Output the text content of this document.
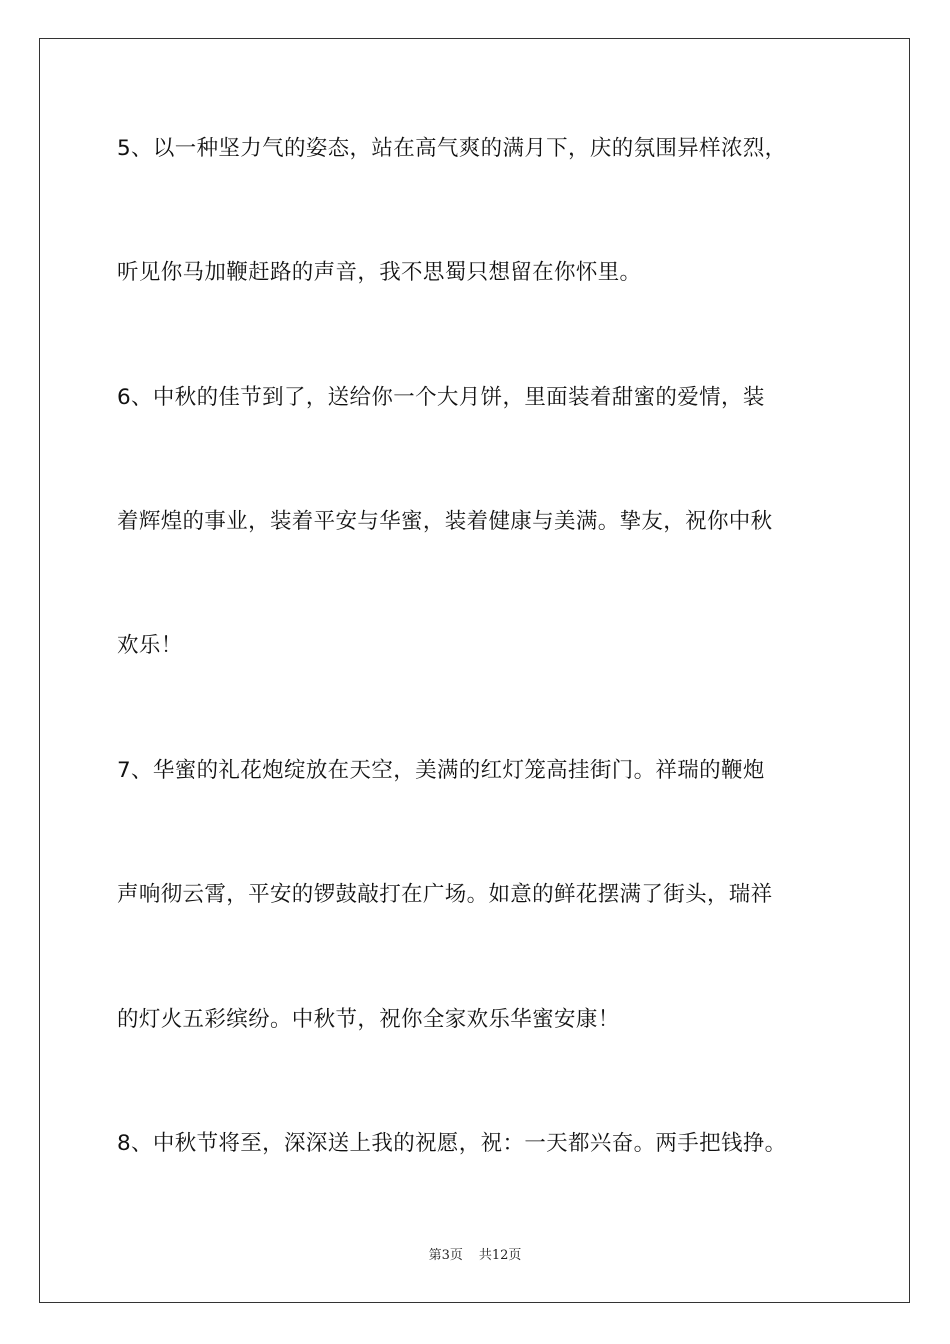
5、以一种坚力气的姿态，站在高气爽的满月下，庆的氛围异样浓烈，

听见你马加鞭赶路的声音，我不思蜀只想留在你怀里。

6、中秋的佳节到了，送给你一个大月饼，里面装着甜蜜的爱情，装

着辉煌的事业，装着平安与华蜜，装着健康与美满。挚友，祝你中秋

欢乐！

7、华蜜的礼花炮绽放在天空，美满的红灯笼高挂街门。祥瑞的鞭炮

声响彻云霄，平安的锣鼓敲打在广场。如意的鲜花摆满了街头，瑞祥

的灯火五彩缤纷。中秋节，祝你全家欢乐华蜜安康！

8、中秋节将至，深深送上我的祝愿，祝：一天都兴奋。两手把钱挣。

第3页 共12页
